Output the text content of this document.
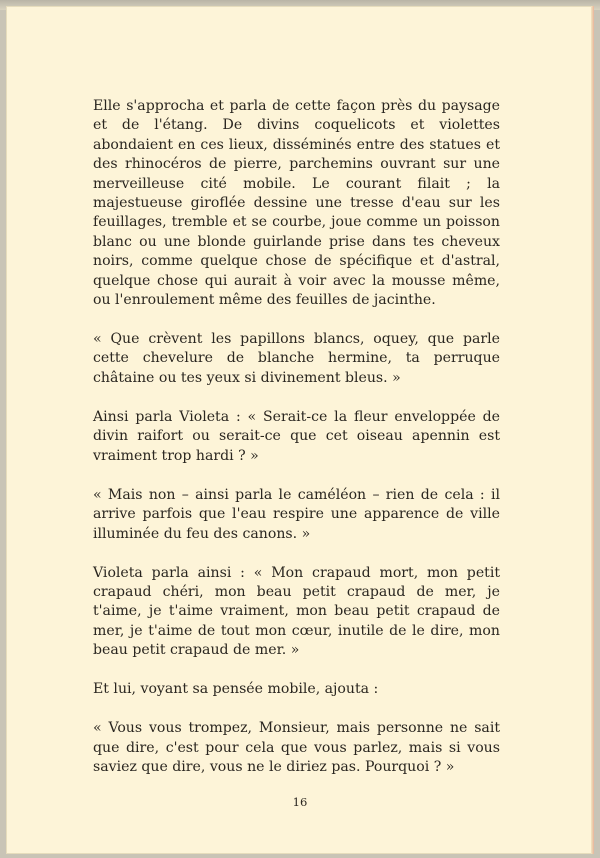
Elle s'approcha et parla de cette façon près du paysage et de l'étang. De divins coquelicots et violettes abondaient en ces lieux, disséminés entre des statues et des rhinocéros de pierre, parchemins ouvrant sur une merveilleuse cité mobile. Le courant filait ; la majestueuse giroflée dessine une tresse d'eau sur les feuillages, tremble et se courbe, joue comme un poisson blanc ou une blonde guirlande prise dans tes cheveux noirs, comme quelque chose de spécifique et d'astral, quelque chose qui aurait à voir avec la mousse même, ou l'enroulement même des feuilles de jacinthe.

« Que crèvent les papillons blancs, oquey, que parle cette chevelure de blanche hermine, ta perruque châtaine ou tes yeux si divinement bleus. »

Ainsi parla Violeta : « Serait-ce la fleur enveloppée de divin raifort ou serait-ce que cet oiseau apennin est vraiment trop hardi ? »

« Mais non – ainsi parla le caméléon – rien de cela : il arrive parfois que l'eau respire une apparence de ville illuminée du feu des canons. »

Violeta parla ainsi : « Mon crapaud mort, mon petit crapaud chéri, mon beau petit crapaud de mer, je t'aime, je t'aime vraiment, mon beau petit crapaud de mer, je t'aime de tout mon cœur, inutile de le dire, mon beau petit crapaud de mer. »

Et lui, voyant sa pensée mobile, ajouta :

« Vous vous trompez, Monsieur, mais personne ne sait que dire, c'est pour cela que vous parlez, mais si vous saviez que dire, vous ne le diriez pas. Pourquoi ? »

16
